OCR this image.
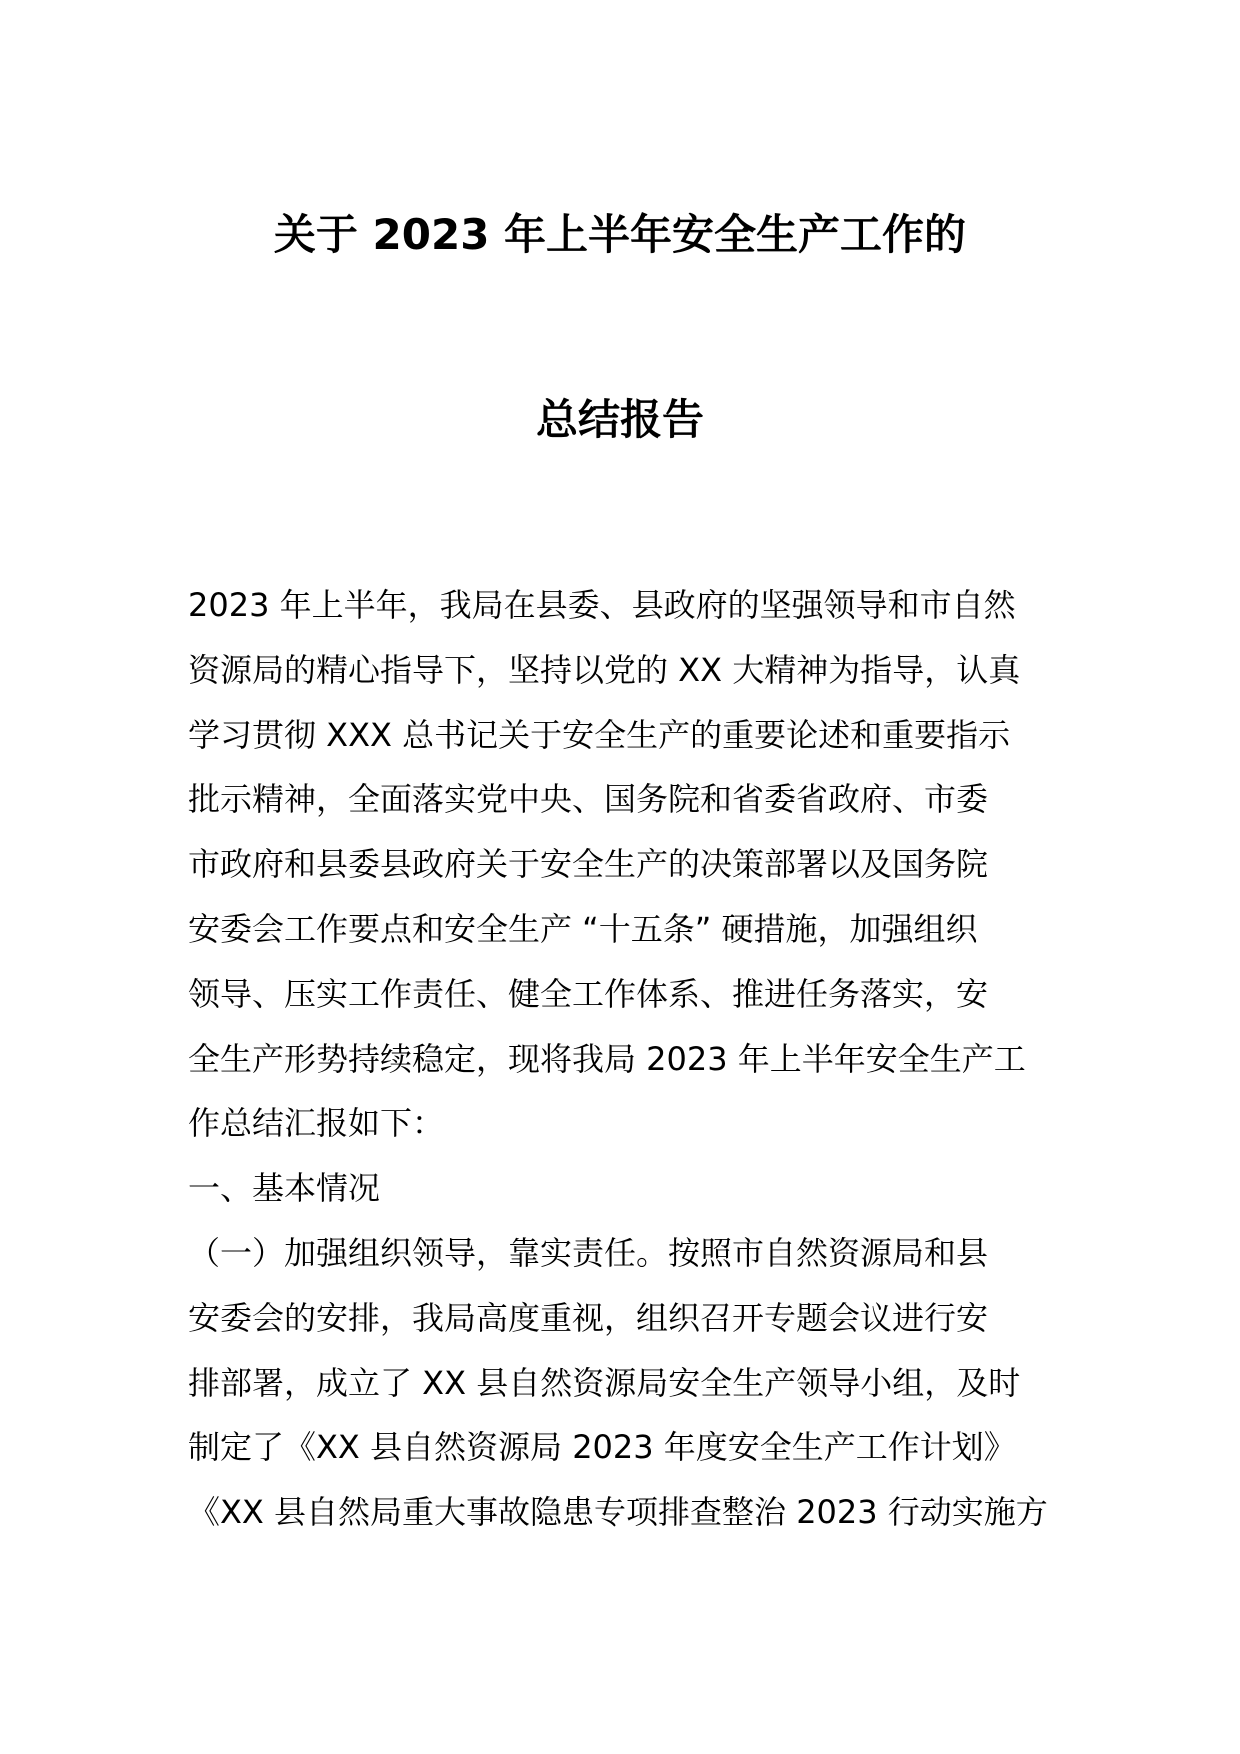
关于 2023 年上半年安全生产工作的
总结报告
2023 年上半年，我局在县委、县政府的坚强领导和市自然
资源局的精心指导下，坚持以党的 XX 大精神为指导，认真
学习贯彻 XXX 总书记关于安全生产的重要论述和重要指示
批示精神，全面落实党中央、国务院和省委省政府、市委
市政府和县委县政府关于安全生产的决策部署以及国务院
安委会工作要点和安全生产 “十五条” 硬措施，加强组织
领导、压实工作责任、健全工作体系、推进任务落实，安
全生产形势持续稳定，现将我局 2023 年上半年安全生产工
作总结汇报如下：
一、基本情况
（一）加强组织领导，靠实责任。按照市自然资源局和县
安委会的安排，我局高度重视，组织召开专题会议进行安
排部署，成立了 XX 县自然资源局安全生产领导小组，及时
制定了《XX 县自然资源局 2023 年度安全生产工作计划》
《XX 县自然局重大事故隐患专项排查整治 2023 行动实施方
